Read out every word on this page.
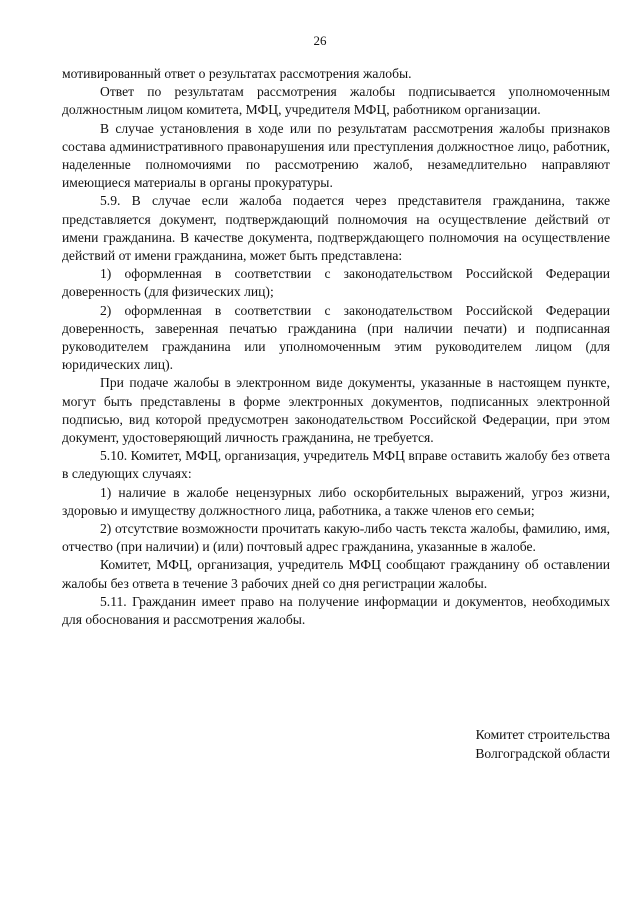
26

мотивированный ответ о результатах рассмотрения жалобы.

Ответ по результатам рассмотрения жалобы подписывается уполномоченным должностным лицом комитета, МФЦ, учредителя МФЦ, работником организации.

В случае установления в ходе или по результатам рассмотрения жалобы признаков состава административного правонарушения или преступления должностное лицо, работник, наделенные полномочиями по рассмотрению жалоб, незамедлительно направляют имеющиеся материалы в органы прокуратуры.

5.9. В случае если жалоба подается через представителя гражданина, также представляется документ, подтверждающий полномочия на осуществление действий от имени гражданина. В качестве документа, подтверждающего полномочия на осуществление действий от имени гражданина, может быть представлена:

1) оформленная в соответствии с законодательством Российской Федерации доверенность (для физических лиц);

2) оформленная в соответствии с законодательством Российской Федерации доверенность, заверенная печатью гражданина (при наличии печати) и подписанная руководителем гражданина или уполномоченным этим руководителем лицом (для юридических лиц).

При подаче жалобы в электронном виде документы, указанные в настоящем пункте, могут быть представлены в форме электронных документов, подписанных электронной подписью, вид которой предусмотрен законодательством Российской Федерации, при этом документ, удостоверяющий личность гражданина, не требуется.

5.10. Комитет, МФЦ, организация, учредитель МФЦ вправе оставить жалобу без ответа в следующих случаях:

1) наличие в жалобе нецензурных либо оскорбительных выражений, угроз жизни, здоровью и имуществу должностного лица, работника, а также членов его семьи;

2) отсутствие возможности прочитать какую-либо часть текста жалобы, фамилию, имя, отчество (при наличии) и (или) почтовый адрес гражданина, указанные в жалобе.

Комитет, МФЦ, организация, учредитель МФЦ сообщают гражданину об оставлении жалобы без ответа в течение 3 рабочих дней со дня регистрации жалобы.

5.11. Гражданин имеет право на получение информации и документов, необходимых для обоснования и рассмотрения жалобы.

Комитет строительства
Волгоградской области
